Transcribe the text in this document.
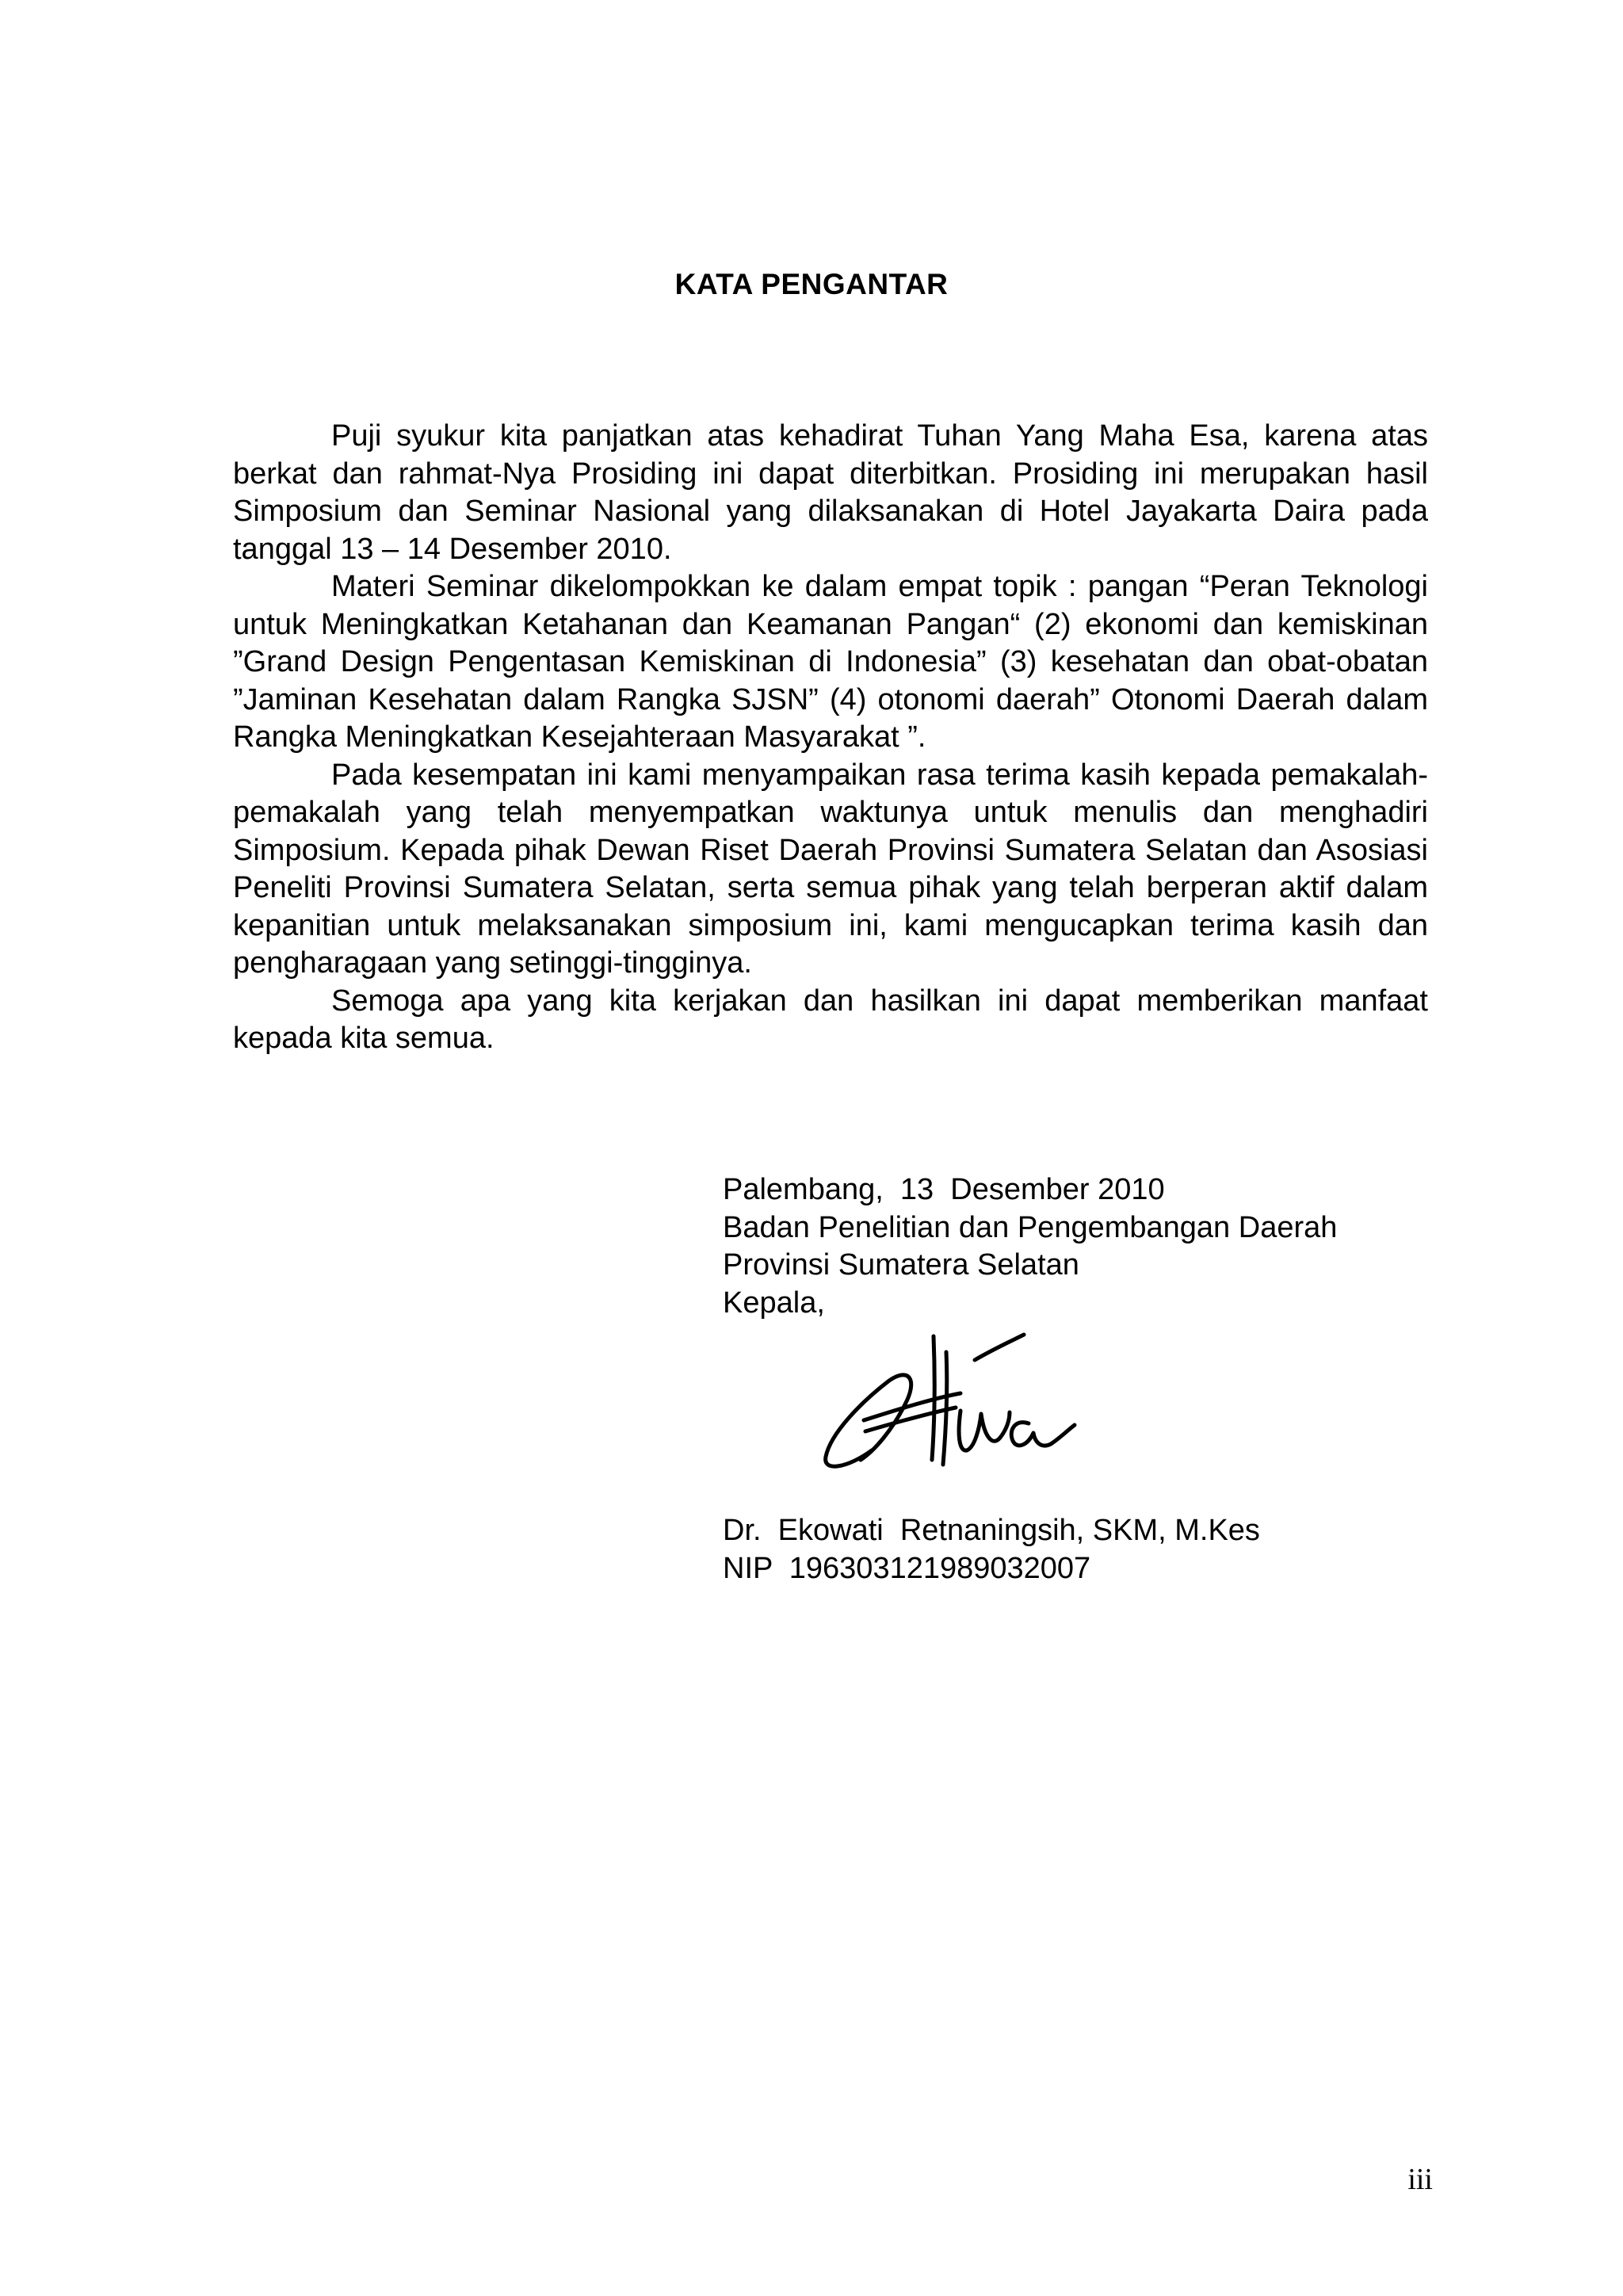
KATA PENGANTAR

Puji syukur kita panjatkan atas kehadirat Tuhan Yang Maha Esa, karena atas berkat dan rahmat-Nya Prosiding ini dapat diterbitkan. Prosiding ini merupakan hasil Simposium dan Seminar Nasional yang dilaksanakan di Hotel Jayakarta Daira pada tanggal 13 – 14 Desember 2010.

Materi Seminar dikelompokkan ke dalam empat topik : pangan “Peran Teknologi untuk Meningkatkan Ketahanan dan Keamanan Pangan“ (2) ekonomi dan kemiskinan ”Grand Design Pengentasan Kemiskinan di Indonesia” (3) kesehatan dan obat-obatan ”Jaminan Kesehatan dalam Rangka SJSN” (4) otonomi daerah” Otonomi Daerah dalam Rangka Meningkatkan Kesejahteraan Masyarakat ”.

Pada kesempatan ini kami menyampaikan rasa terima kasih kepada pemakalah-pemakalah yang telah menyempatkan waktunya untuk menulis dan menghadiri Simposium. Kepada pihak Dewan Riset Daerah Provinsi Sumatera Selatan dan Asosiasi Peneliti Provinsi Sumatera Selatan, serta semua pihak yang telah berperan aktif dalam kepanitian untuk melaksanakan simposium ini, kami mengucapkan terima kasih dan pengharagaan yang setinggi-tingginya.

Semoga apa yang kita kerjakan dan hasilkan ini dapat memberikan manfaat kepada kita semua.

Palembang,  13  Desember 2010
Badan Penelitian dan Pengembangan Daerah
Provinsi Sumatera Selatan
Kepala,
Dr.  Ekowati  Retnaningsih, SKM, M.Kes
NIP  196303121989032007
iii
